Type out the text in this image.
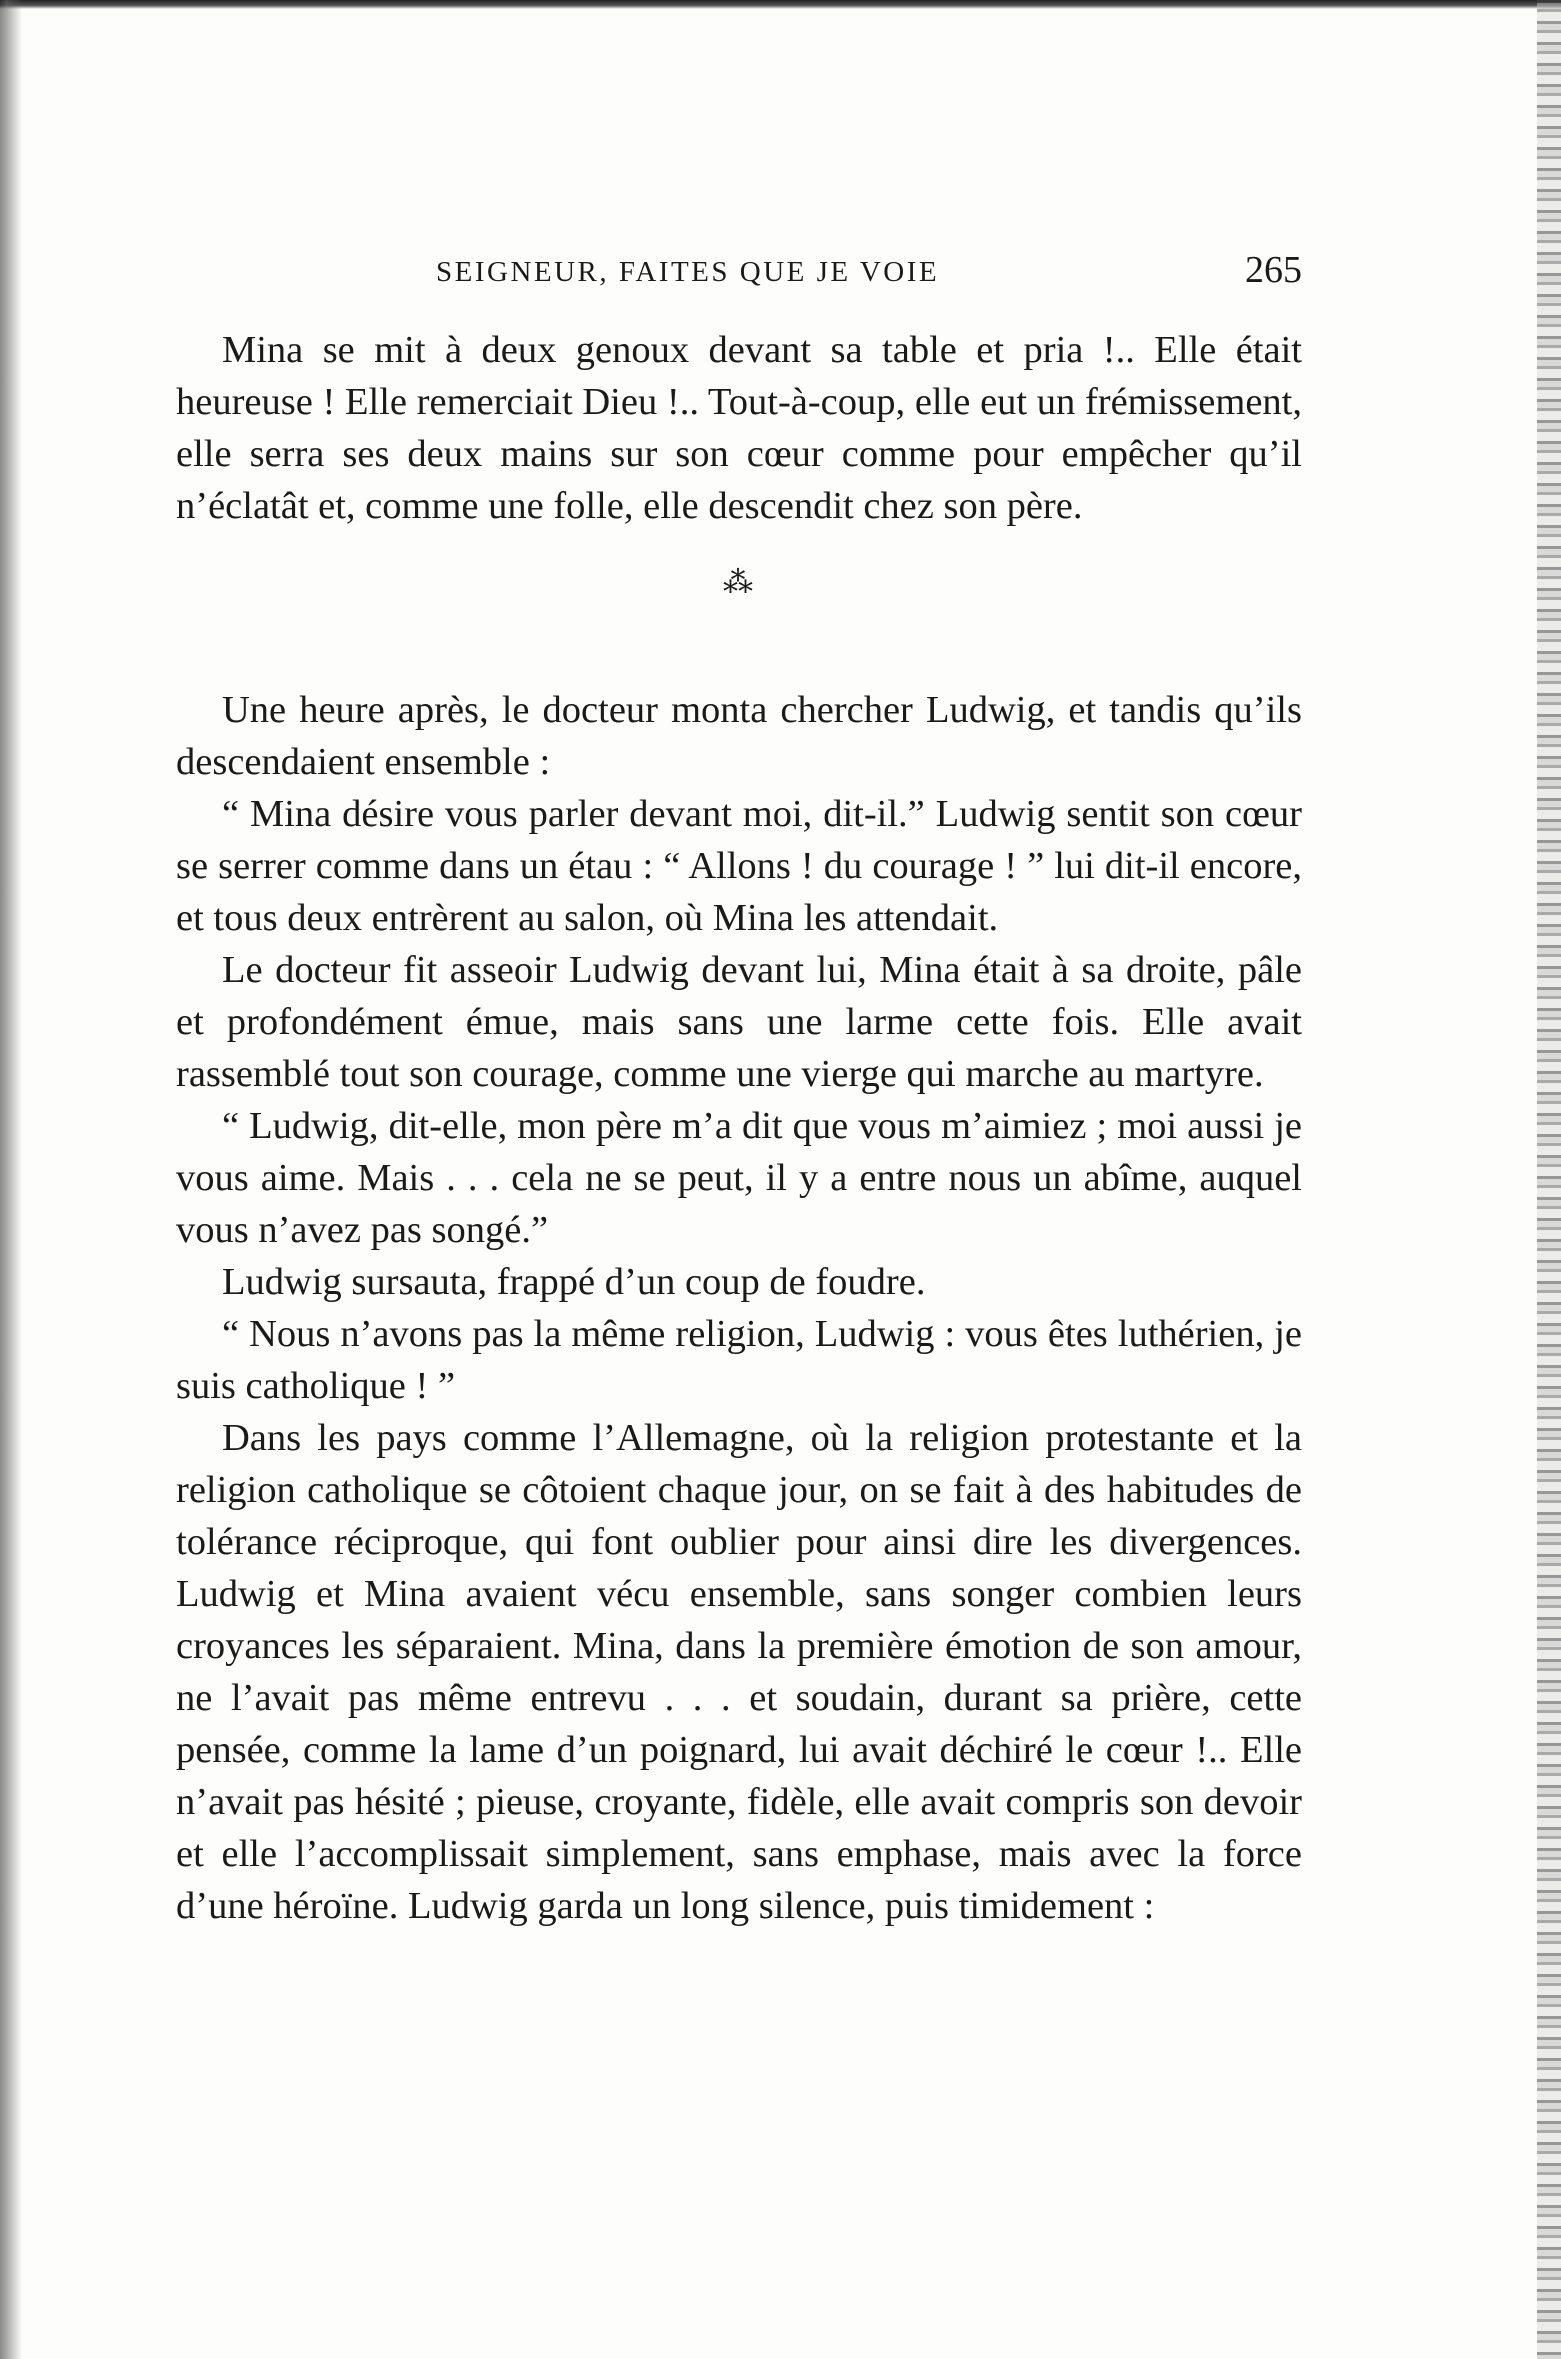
SEIGNEUR, FAITES QUE JE VOIE	265

Mina se mit à deux genoux devant sa table et pria !.. Elle était heureuse ! Elle remerciait Dieu !.. Tout-à-coup, elle eut un frémissement, elle serra ses deux mains sur son cœur comme pour empêcher qu’il n’éclatât et, comme une folle, elle descendit chez son père.

⁂

Une heure après, le docteur monta chercher Ludwig, et tandis qu’ils descendaient ensemble :

“ Mina désire vous parler devant moi, dit-il.” Ludwig sentit son cœur se serrer comme dans un étau : “ Allons ! du courage ! ” lui dit-il encore, et tous deux entrèrent au salon, où Mina les attendait.

Le docteur fit asseoir Ludwig devant lui, Mina était à sa droite, pâle et profondément émue, mais sans une larme cette fois. Elle avait rassemblé tout son courage, comme une vierge qui marche au martyre.

“ Ludwig, dit-elle, mon père m’a dit que vous m’aimiez ; moi aussi je vous aime. Mais . . . cela ne se peut, il y a entre nous un abîme, auquel vous n’avez pas songé.”

Ludwig sursauta, frappé d’un coup de foudre.

“ Nous n’avons pas la même religion, Ludwig : vous êtes luthérien, je suis catholique ! ”

Dans les pays comme l’Allemagne, où la religion protestante et la religion catholique se côtoient chaque jour, on se fait à des habitudes de tolérance réciproque, qui font oublier pour ainsi dire les divergences. Ludwig et Mina avaient vécu ensemble, sans songer combien leurs croyances les séparaient. Mina, dans la première émotion de son amour, ne l’avait pas même entrevu . . . et soudain, durant sa prière, cette pensée, comme la lame d’un poignard, lui avait déchiré le cœur !.. Elle n’avait pas hésité ; pieuse, croyante, fidèle, elle avait compris son devoir et elle l’accomplissait simplement, sans emphase, mais avec la force d’une héroïne. Ludwig garda un long silence, puis timidement :
